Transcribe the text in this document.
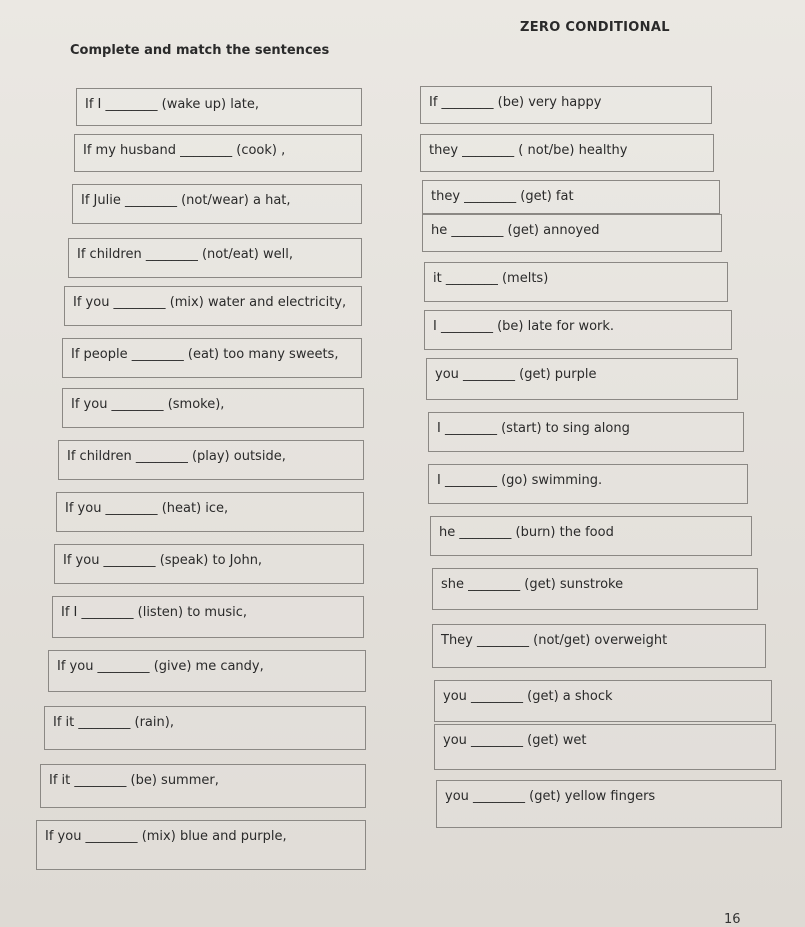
ZERO CONDITIONAL
Complete and match the sentences
If I ________ (wake up) late,
If my husband ________ (cook) ,
If Julie ________ (not/wear) a hat,
If children ________ (not/eat) well,
If you ________ (mix) water and electricity,
If people ________ (eat) too many sweets,
If you ________ (smoke),
If children ________ (play) outside,
If you ________ (heat) ice,
If you ________ (speak) to John,
If I ________ (listen) to music,
If you ________ (give) me candy,
If it ________ (rain),
If it ________ (be) summer,
If you ________ (mix) blue and purple,
If ________ (be) very happy
they ________ ( not/be) healthy
they ________ (get) fat
he ________ (get) annoyed
it ________ (melts)
I ________ (be) late for work.
you ________ (get) purple
I ________ (start) to sing along
I ________ (go) swimming.
he ________ (burn) the food
she ________ (get) sunstroke
They ________ (not/get) overweight
you ________ (get) a shock
you ________ (get) wet
you ________ (get) yellow fingers
16
